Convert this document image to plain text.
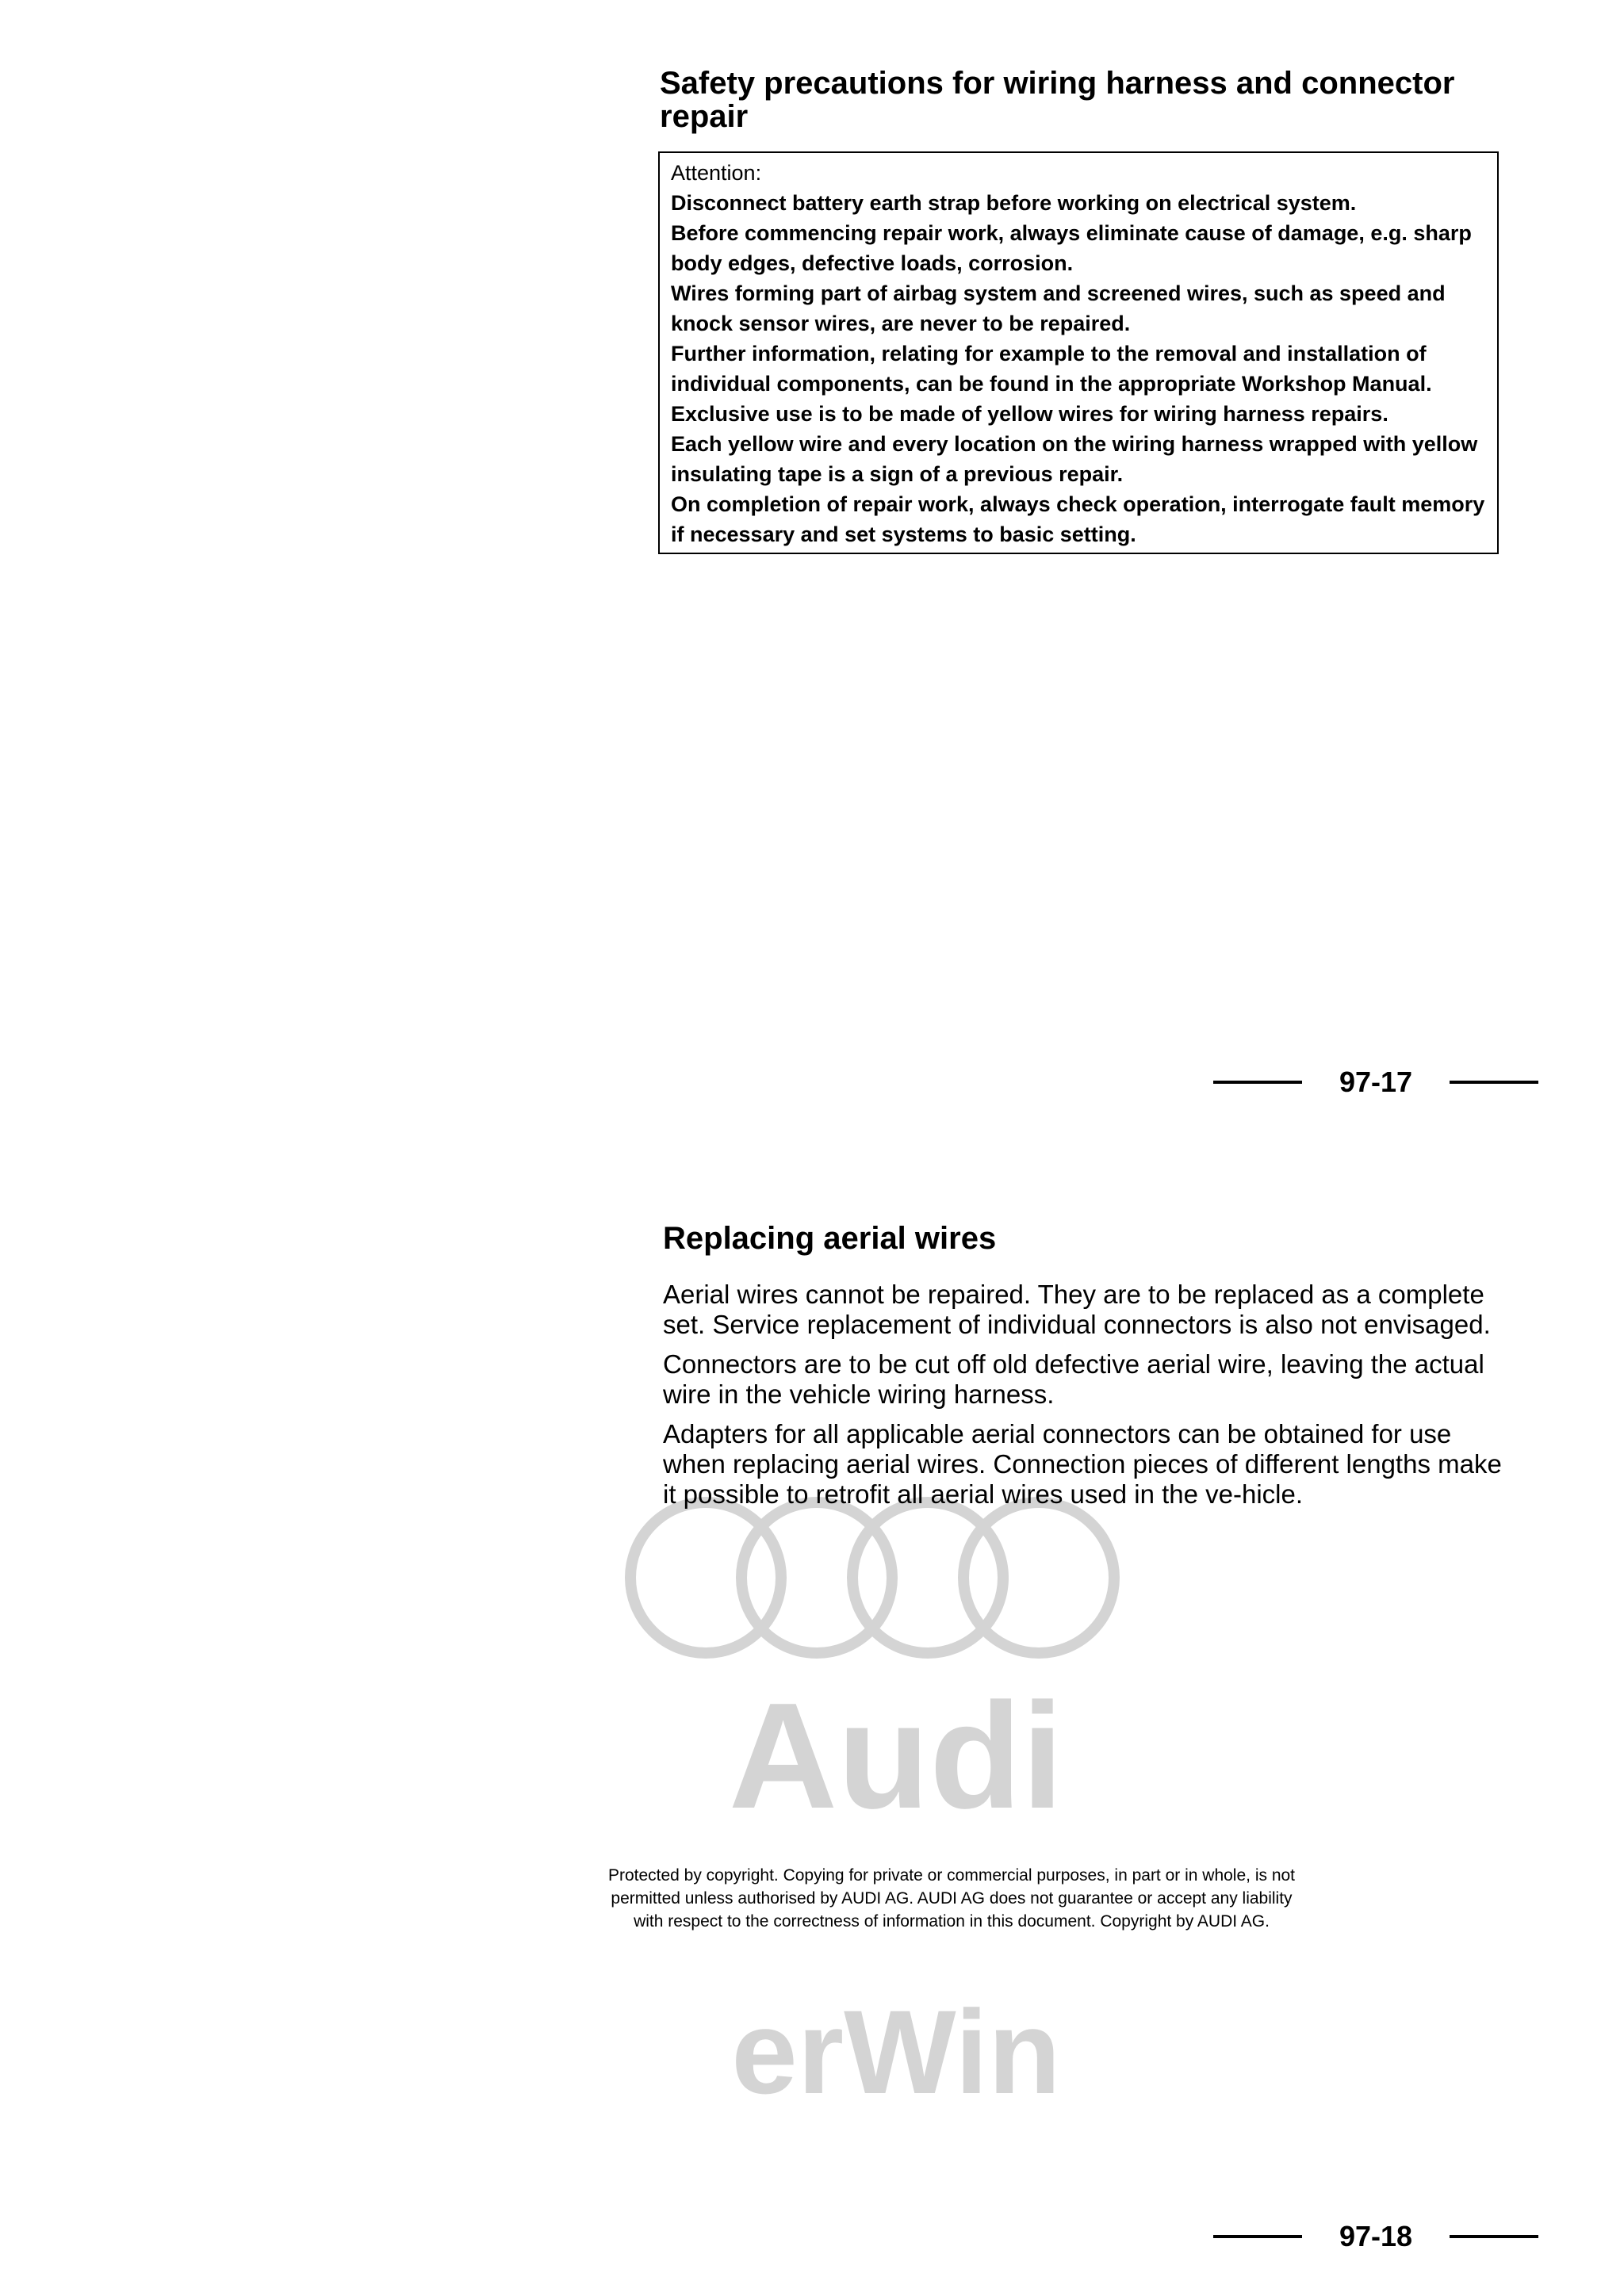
Safety precautions for wiring harness and connector repair

Attention:

Disconnect battery earth strap before working on electrical system.

Before commencing repair work, always eliminate cause of damage, e.g. sharp body edges, defective loads, corrosion.

Wires forming part of airbag system and screened wires, such as speed and knock sensor wires, are never to be repaired.

Further information, relating for example to the removal and installation of individual components, can be found in the appropriate Workshop Manual.

Exclusive use is to be made of yellow wires for wiring harness repairs.

Each yellow wire and every location on the wiring harness wrapped with yellow insulating tape is a sign of a previous repair.

On completion of repair work, always check operation, interrogate fault memory if necessary and set systems to basic setting.

97-17
Replacing aerial wires
Audi
erWin

Aerial wires cannot be repaired. They are to be replaced as a complete set. Service replacement of individual connectors is also not envisaged.

Connectors are to be cut off old defective aerial wire, leaving the actual wire in the vehicle wiring harness.

Adapters for all applicable aerial connectors can be obtained for use when replacing aerial wires. Connection pieces of different lengths make it possible to retrofit all aerial wires used in the ve-hicle.

Protected by copyright. Copying for private or commercial purposes, in part or in whole, is not

permitted unless authorised by AUDI AG. AUDI AG does not guarantee or accept any liability

with respect to the correctness of information in this document. Copyright by AUDI AG.

97-18
